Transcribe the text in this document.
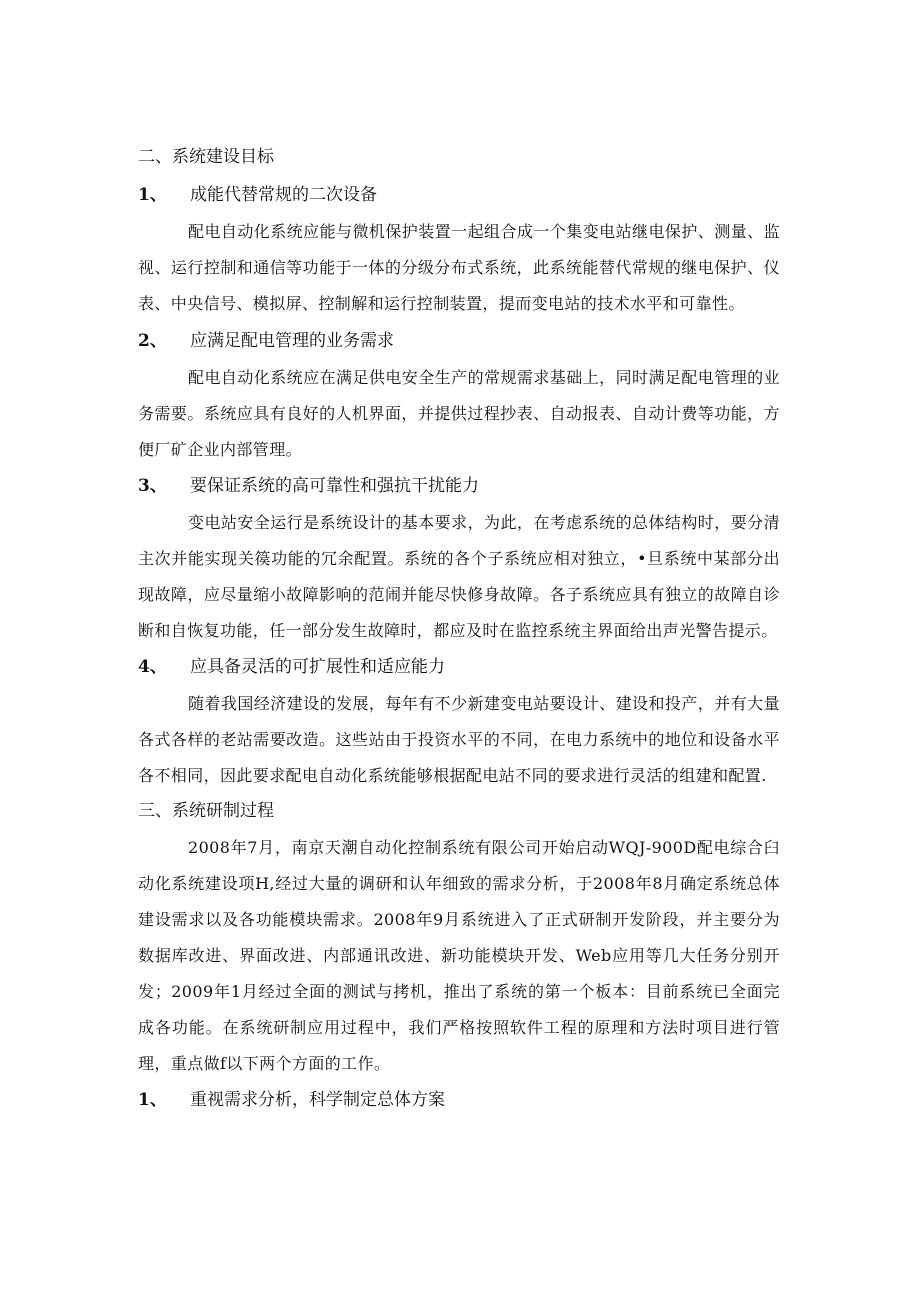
二、系统建设目标
1、 成能代替常规的二次设备
配电自动化系统应能与微机保护装置一起组合成一个集变电站继电保护、测量、监视、运行控制和通信等功能于一体的分级分布式系统，此系统能替代常规的继电保护、仪表、中央信号、模拟屏、控制解和运行控制装置，提而变电站的技术水平和可靠性。
2、 应满足配电管理的业务需求
配电自动化系统应在满足供电安全生产的常规需求基础上，同时满足配电管理的业务需要。系统应具有良好的人机界面，并提供过程抄表、自动报表、自动计费等功能，方便厂矿企业内部管理。
3、 要保证系统的高可靠性和强抗干扰能力
变电站安全运行是系统设计的基本要求，为此，在考虑系统的总体结构时，要分清主次并能实现关篌功能的冗余配置。系统的各个子系统应相对独立，•旦系统中某部分出现故障，应尽量缩小故障影响的范闹并能尽快修身故障。各子系统应具有独立的故障自诊断和自恢复功能，任一部分发生故障时，都应及时在监控系统主界面给出声光警告提示。
4、 应具备灵活的可扩展性和适应能力
随着我国经济建设的发展，每年有不少新建变电站要设计、建设和投产，并有大量各式各样的老站需要改造。这些站由于投资水平的不同，在电力系统中的地位和设备水平各不相同，因此要求配电自动化系统能够根据配电站不同的要求进行灵活的组建和配置.
三、系统研制过程
2008年7月，南京天潮自动化控制系统有限公司开始启动WQJ-900D配电综合臼动化系统建设项H,经过大量的调研和认年细致的需求分析，于2008年8月确定系统总体建设需求以及各功能模块需求。2008年9月系统进入了正式研制开发阶段，并主要分为数据库改进、界面改进、内部通讯改进、新功能模块开发、Web应用等几大任务分别开发；2009年1月经过全面的测试与拷机，推出了系统的第一个板本：目前系统已全面完成各功能。在系统研制应用过程中，我们严格按照软件工程的原理和方法时项目进行管理，重点做f以下两个方面的工作。
1、 重视需求分析，科学制定总体方案
